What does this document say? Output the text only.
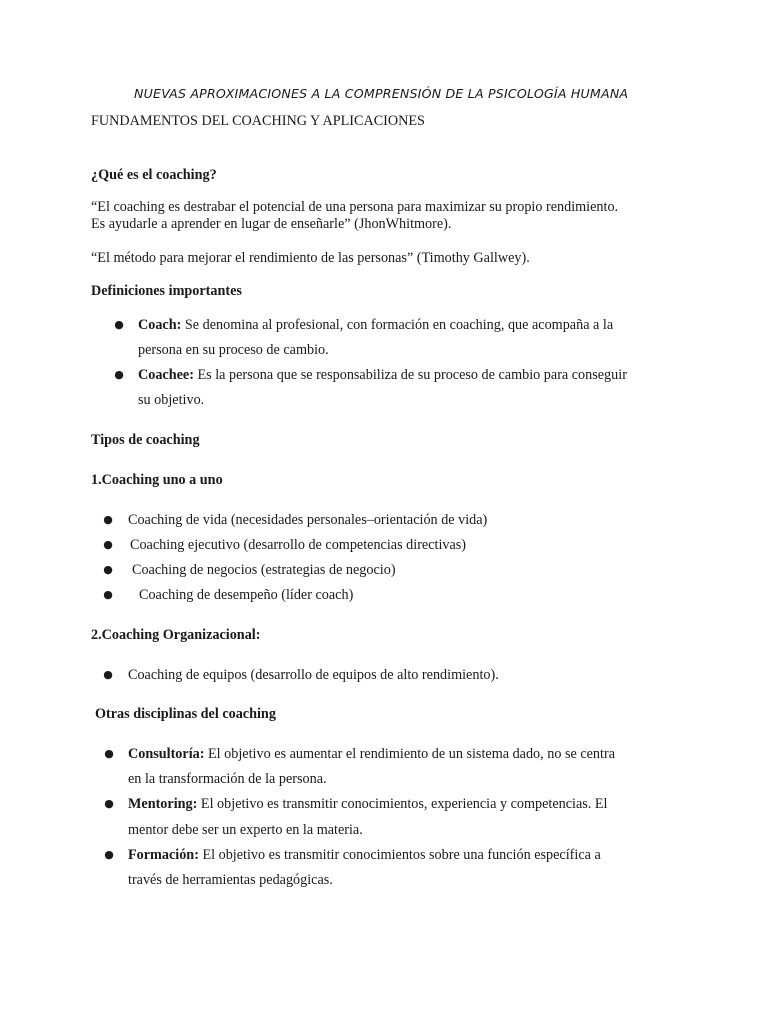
NUEVAS APROXIMACIONES A LA COMPRENSIÓN DE LA PSICOLOGÍA HUMANA
FUNDAMENTOS DEL COACHING Y APLICACIONES
¿Qué es el coaching?
“El coaching es destrabar el potencial de una persona para maximizar su propio rendimiento.
Es ayudarle a aprender en lugar de enseñarle” (JhonWhitmore).
“El método para mejorar el rendimiento de las personas” (Timothy Gallwey).
Definiciones importantes
● Coach: Se denomina al profesional, con formación en coaching, que acompaña a la
persona en su proceso de cambio.
● Coachee: Es la persona que se responsabiliza de su proceso de cambio para conseguir
su objetivo.
Tipos de coaching
1.Coaching uno a uno
● Coaching de vida (necesidades personales–orientación de vida)
● Coaching ejecutivo (desarrollo de competencias directivas)
● Coaching de negocios (estrategias de negocio)
● Coaching de desempeño (líder coach)
2.Coaching Organizacional:
● Coaching de equipos (desarrollo de equipos de alto rendimiento).
Otras disciplinas del coaching
● Consultoría: El objetivo es aumentar el rendimiento de un sistema dado, no se centra
en la transformación de la persona.
● Mentoring: El objetivo es transmitir conocimientos, experiencia y competencias. El
mentor debe ser un experto en la materia.
● Formación: El objetivo es transmitir conocimientos sobre una función específica a
través de herramientas pedagógicas.
